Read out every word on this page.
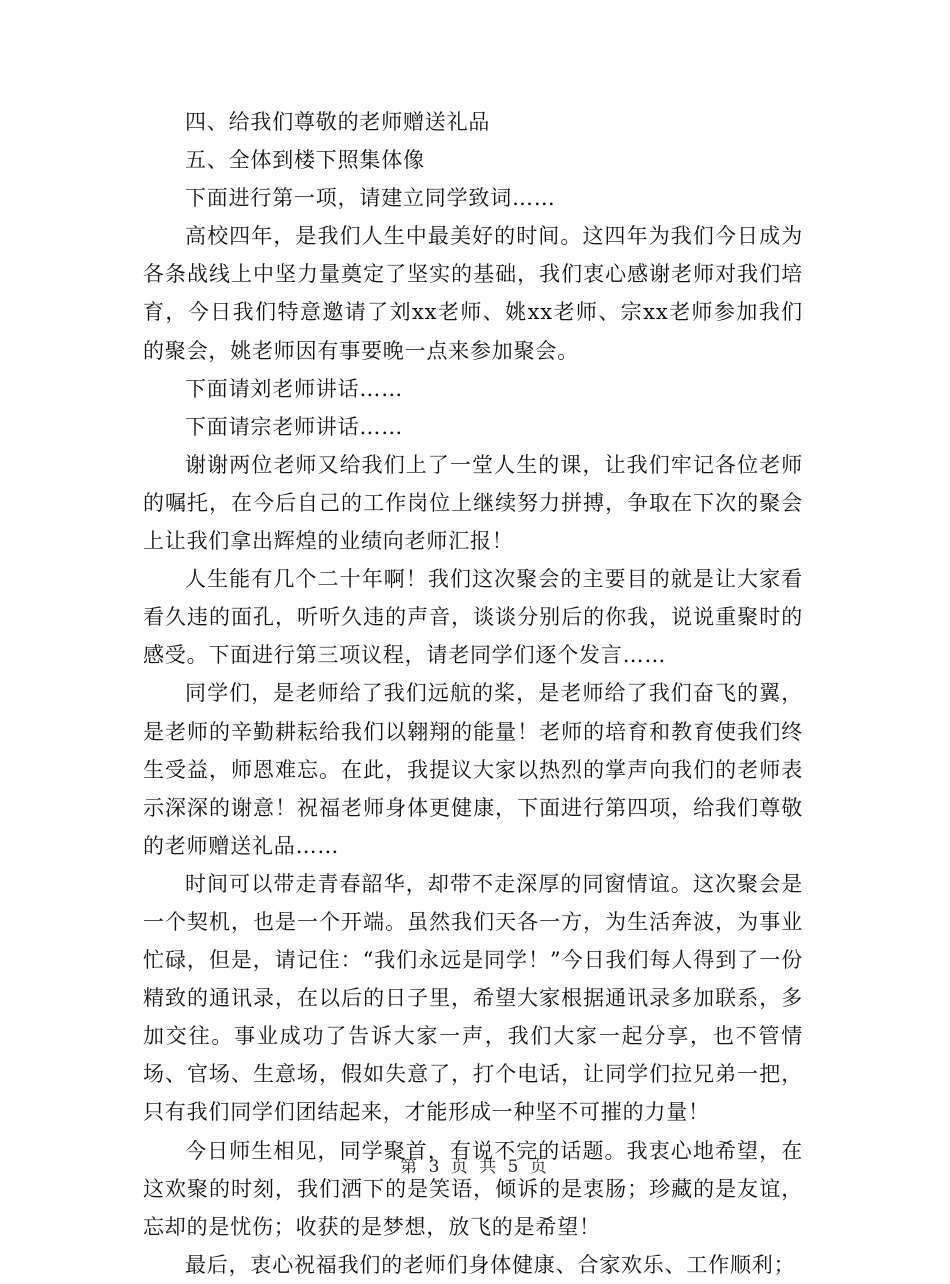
四、给我们尊敬的老师赠送礼品

五、全体到楼下照集体像

下面进行第一项，请建立同学致词……

高校四年，是我们人生中最美好的时间。这四年为我们今日成为各条战线上中坚力量奠定了坚实的基础，我们衷心感谢老师对我们培育，今日我们特意邀请了刘xx老师、姚xx老师、宗xx老师参加我们的聚会，姚老师因有事要晚一点来参加聚会。

下面请刘老师讲话……

下面请宗老师讲话……

谢谢两位老师又给我们上了一堂人生的课，让我们牢记各位老师的嘱托，在今后自己的工作岗位上继续努力拼搏，争取在下次的聚会上让我们拿出辉煌的业绩向老师汇报！

人生能有几个二十年啊！我们这次聚会的主要目的就是让大家看看久违的面孔，听听久违的声音，谈谈分别后的你我，说说重聚时的感受。下面进行第三项议程，请老同学们逐个发言……

同学们，是老师给了我们远航的桨，是老师给了我们奋飞的翼，是老师的辛勤耕耘给我们以翱翔的能量！老师的培育和教育使我们终生受益，师恩难忘。在此，我提议大家以热烈的掌声向我们的老师表示深深的谢意！祝福老师身体更健康，下面进行第四项，给我们尊敬的老师赠送礼品……

时间可以带走青春韶华，却带不走深厚的同窗情谊。这次聚会是一个契机，也是一个开端。虽然我们天各一方，为生活奔波，为事业忙碌，但是，请记住：“我们永远是同学！”今日我们每人得到了一份精致的通讯录，在以后的日子里，希望大家根据通讯录多加联系，多加交往。事业成功了告诉大家一声，我们大家一起分享，也不管情场、官场、生意场，假如失意了，打个电话，让同学们拉兄弟一把，只有我们同学们团结起来，才能形成一种坚不可摧的力量！

今日师生相见，同学聚首，有说不完的话题。我衷心地希望，在这欢聚的时刻，我们洒下的是笑语，倾诉的是衷肠；珍藏的是友谊，忘却的是忧伤；收获的是梦想，放飞的是希望！

最后，衷心祝福我们的老师们身体健康、合家欢乐、工作顺利；

第 3 页 共 5 页
